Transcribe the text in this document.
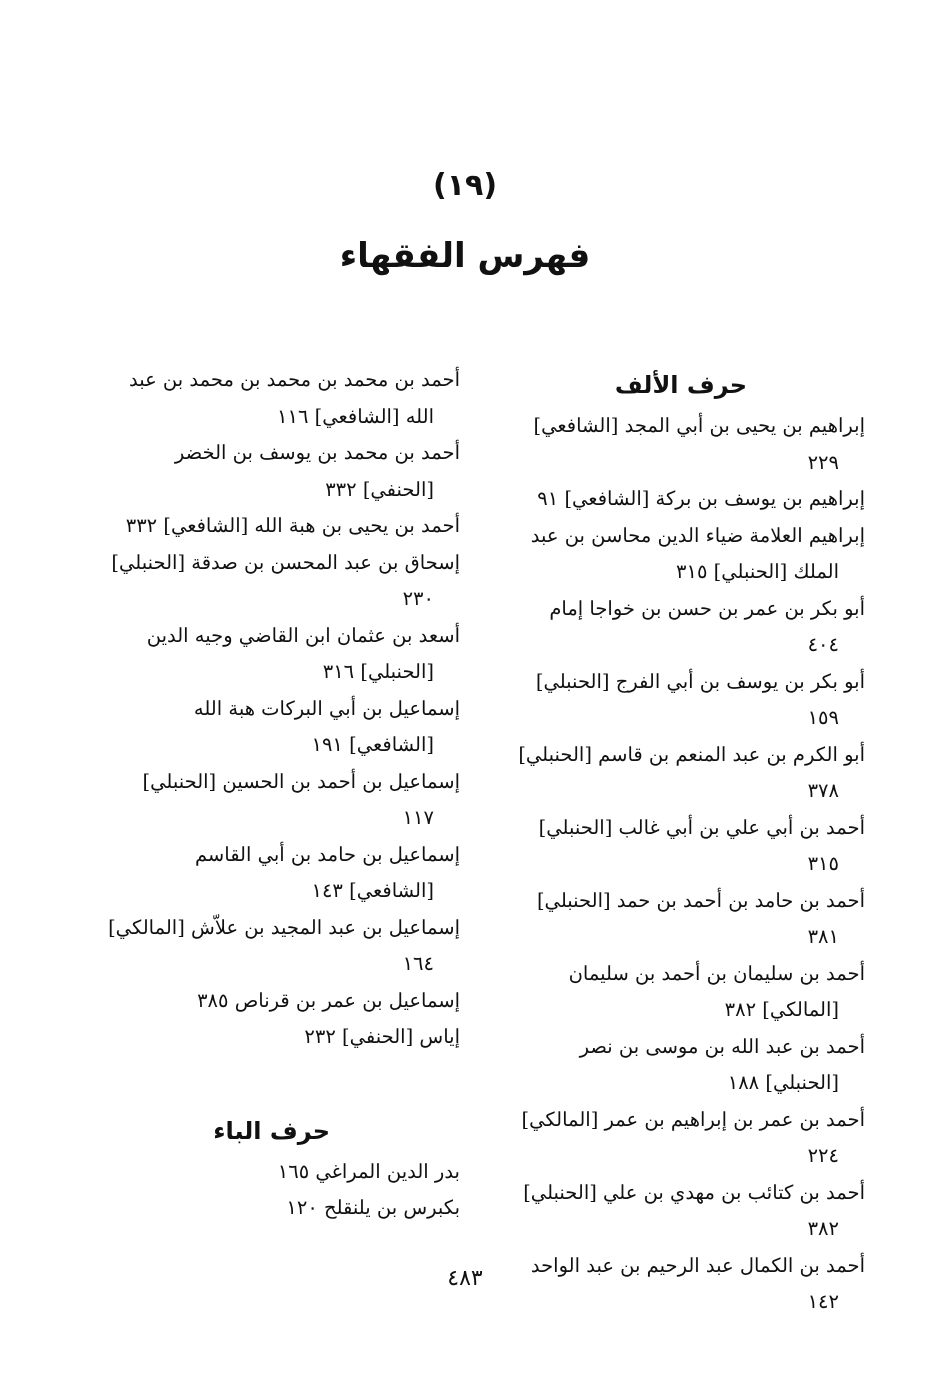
(١٩)
فهرس الفقهاء
حرف الألف
إبراهيم بن يحيى بن أبي المجد [الشافعي] ٢٢٩
إبراهيم بن يوسف بن بركة [الشافعي] ٩١
إبراهيم العلامة ضياء الدين محاسن بن عبد الملك [الحنبلي] ٣١٥
أبو بكر بن عمر بن حسن بن خواجا إمام ٤٠٤
أبو بكر بن يوسف بن أبي الفرج [الحنبلي] ١٥٩
أبو الكرم بن عبد المنعم بن قاسم [الحنبلي] ٣٧٨
أحمد بن أبي علي بن أبي غالب [الحنبلي] ٣١٥
أحمد بن حامد بن أحمد بن حمد [الحنبلي] ٣٨١
أحمد بن سليمان بن أحمد بن سليمان [المالكي] ٣٨٢
أحمد بن عبد الله بن موسى بن نصر [الحنبلي] ١٨٨
أحمد بن عمر بن إبراهيم بن عمر [المالكي] ٢٢٤
أحمد بن كتائب بن مهدي بن علي [الحنبلي] ٣٨٢
أحمد بن الكمال عبد الرحيم بن عبد الواحد ١٤٢
أحمد بن محمد بن محمد بن محمد بن عبد الله [الشافعي] ١١٦
أحمد بن محمد بن يوسف بن الخضر [الحنفي] ٣٣٢
أحمد بن يحيى بن هبة الله [الشافعي] ٣٣٢
إسحاق بن عبد المحسن بن صدقة [الحنبلي] ٢٣٠
أسعد بن عثمان ابن القاضي وجيه الدين [الحنبلي] ٣١٦
إسماعيل بن أبي البركات هبة الله [الشافعي] ١٩١
إسماعيل بن أحمد بن الحسين [الحنبلي] ١١٧
إسماعيل بن حامد بن أبي القاسم [الشافعي] ١٤٣
إسماعيل بن عبد المجيد بن علاّش [المالكي] ١٦٤
إسماعيل بن عمر بن قرناص ٣٨٥
إياس [الحنفي] ٢٣٢
حرف الباء
بدر الدين المراغي ١٦٥
بكبرس بن يلنقلح ١٢٠
٤٨٣
